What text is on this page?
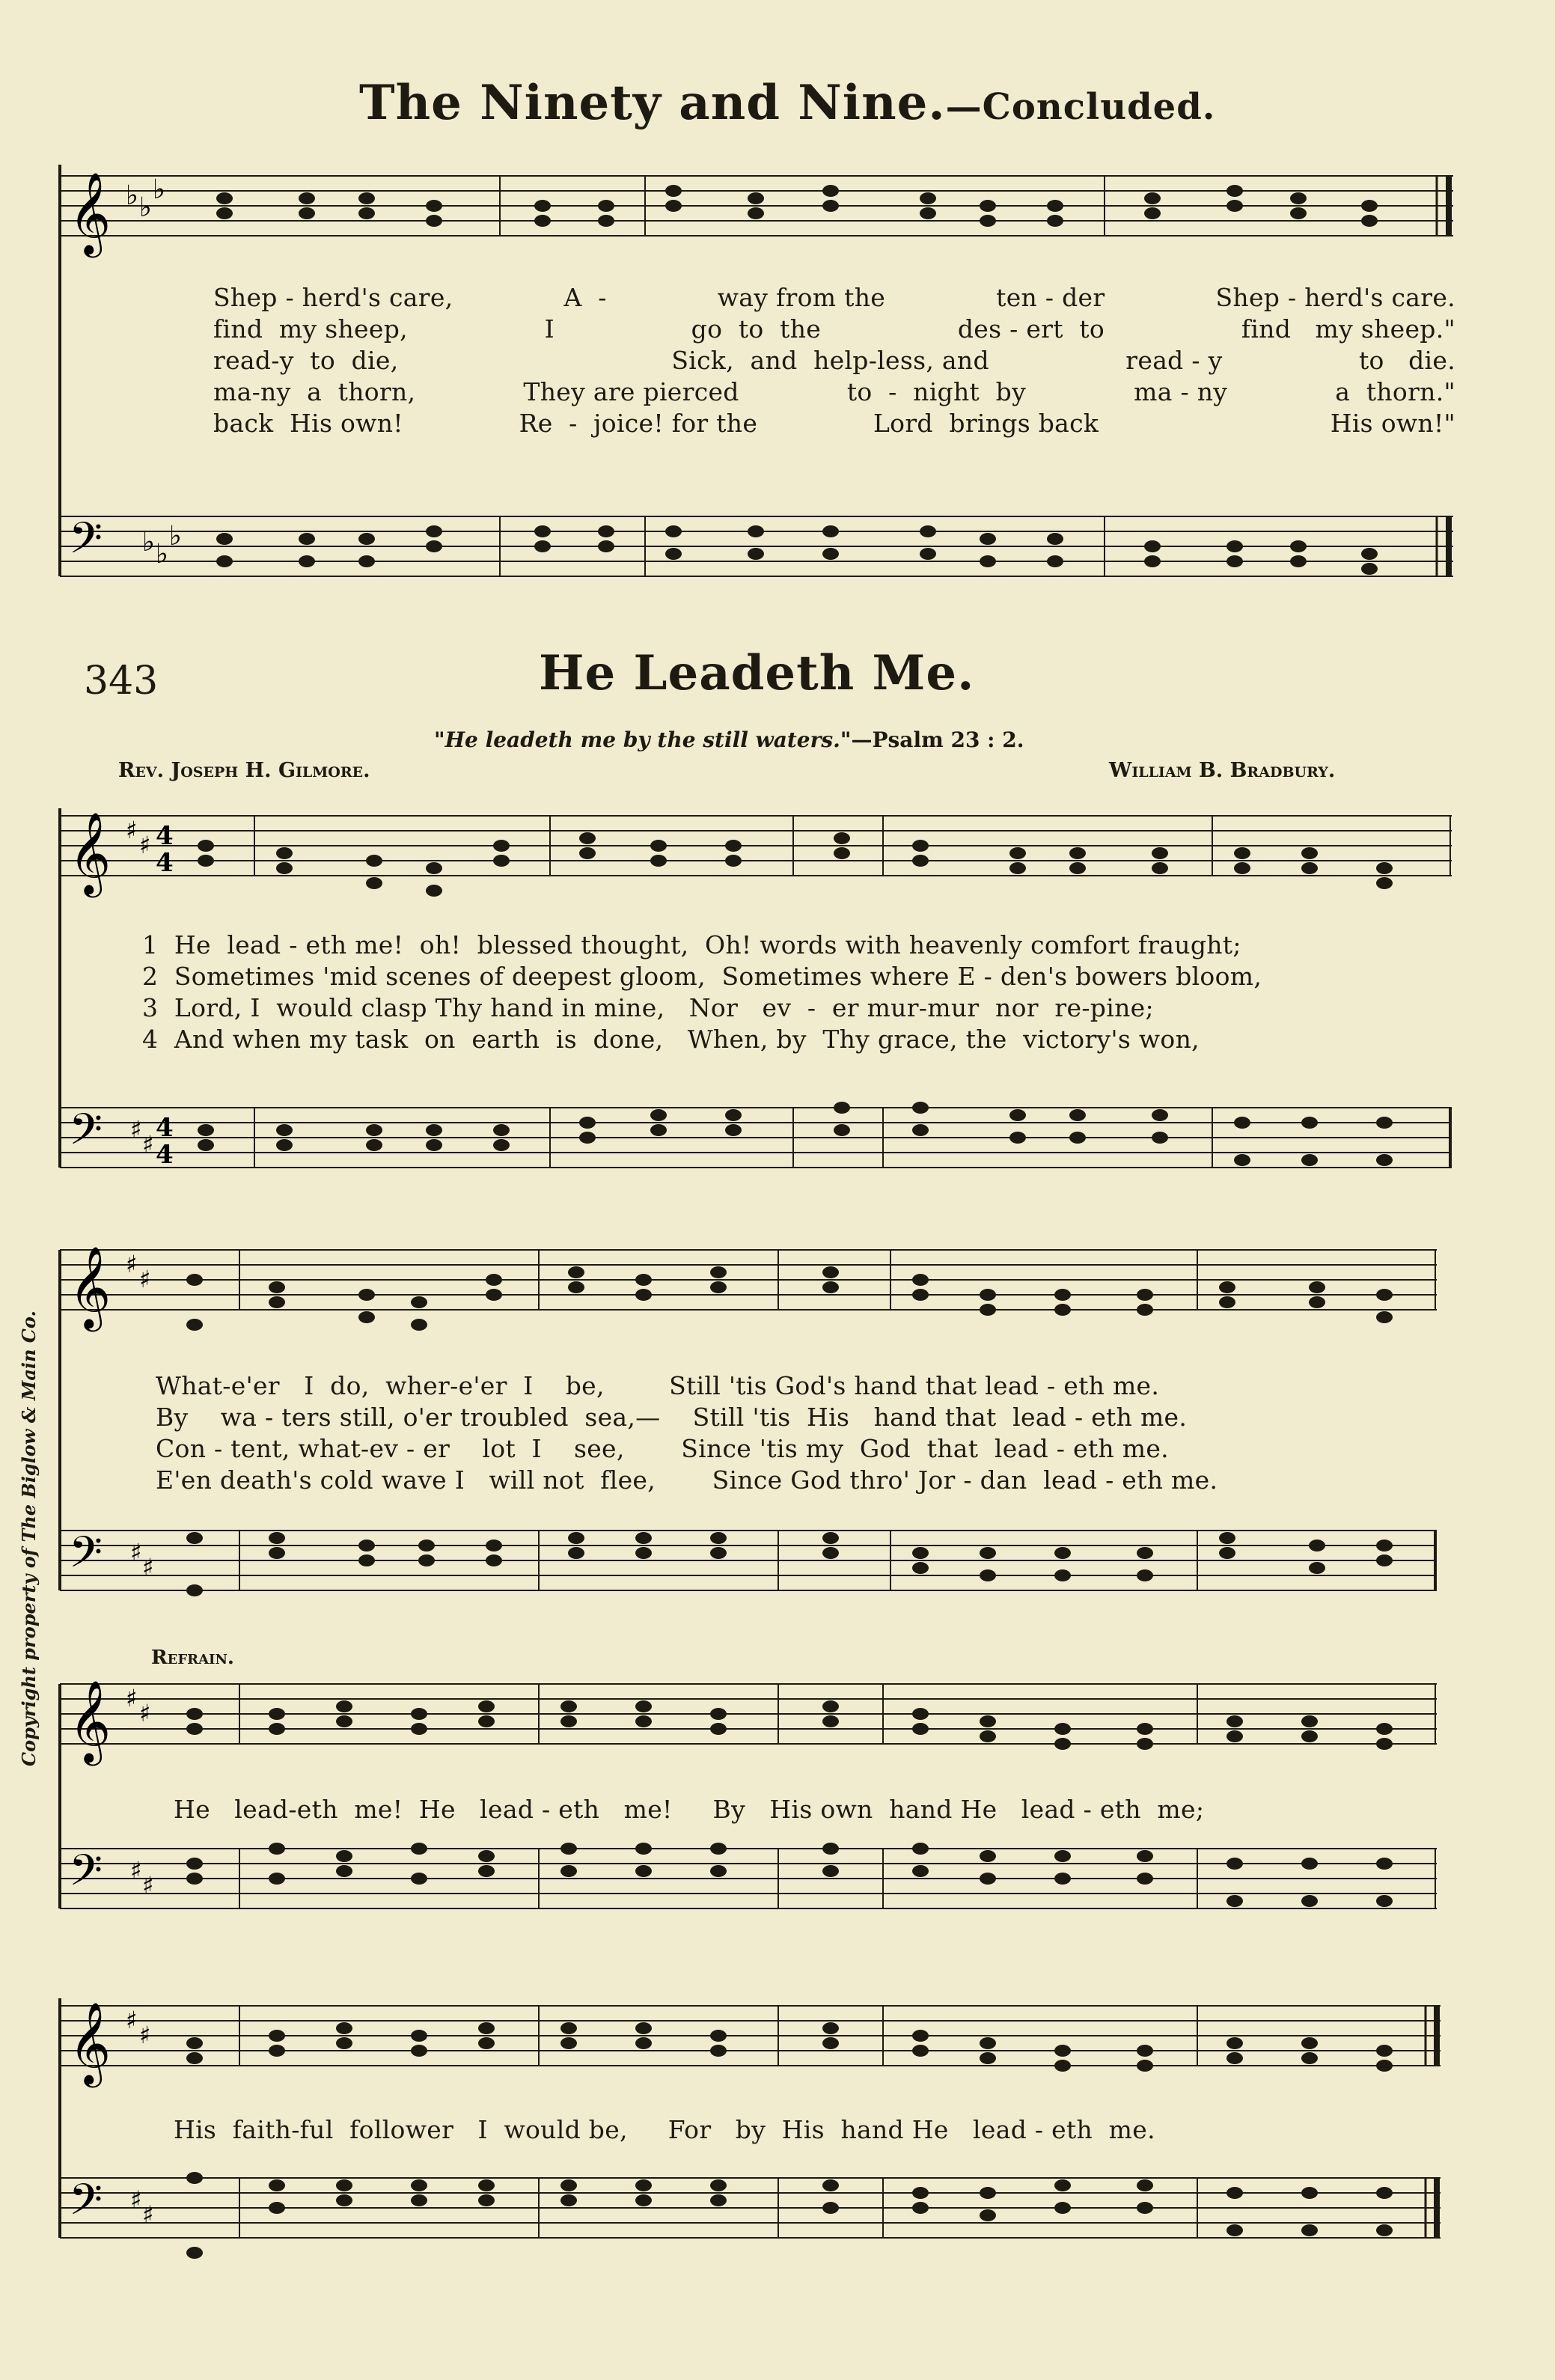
The Ninety and Nine.—Concluded.
𝄞 ♭ ♭
♭
Shep - herd's care,	A  -	way from the	ten - der	Shep - herd's care.
find  my sheep,	I	go  to  the	des - ert  to	find   my sheep."
read-y  to  die,	Sick,  and  help-less, and	read - y	to   die.
ma-ny  a  thorn,	They are pierced	to  -  night  by	ma - ny	a  thorn."
back  His own!	Re  -  joice! for the	Lord  brings back	His own!"
𝄢 ♭ ♭
♭
343	He Leadeth Me.
"He leadeth me by the still waters."—Psalm 23 : 2.
Rev. Joseph H. Gilmore.	William B. Bradbury.
𝄞 ♯
♯ 4
4
1  He  lead - eth me!  oh!  blessed thought,  Oh! words with heavenly comfort fraught;
2  Sometimes 'mid scenes of deepest gloom,  Sometimes where E - den's bowers bloom,
3  Lord, I  would clasp Thy hand in mine,   Nor   ev  -  er mur-mur  nor  re-pine;
4  And when my task  on  earth  is  done,   When, by  Thy grace, the  victory's won,
𝄢 ♯
♯
4
4
𝄞 ♯
♯
What-e'er   I  do,  wher-e'er  I    be,        Still 'tis God's hand that lead - eth me.
By    wa - ters still, o'er troubled  sea,—    Still 'tis  His   hand that  lead - eth me.
Con - tent, what-ev - er    lot  I    see,       Since 'tis my  God  that  lead - eth me.
E'en death's cold wave I   will not  flee,       Since God thro' Jor - dan  lead - eth me.
𝄢 ♯
♯
Refrain.
𝄞 ♯
♯
He   lead-eth  me!  He   lead - eth   me!     By   His own  hand He   lead - eth  me;
𝄢 ♯
♯
𝄞 ♯
♯
His  faith-ful  follower   I  would be,     For   by  His  hand He   lead - eth  me.
𝄢 ♯
♯
Copyright property of The Biglow & Main Co.
